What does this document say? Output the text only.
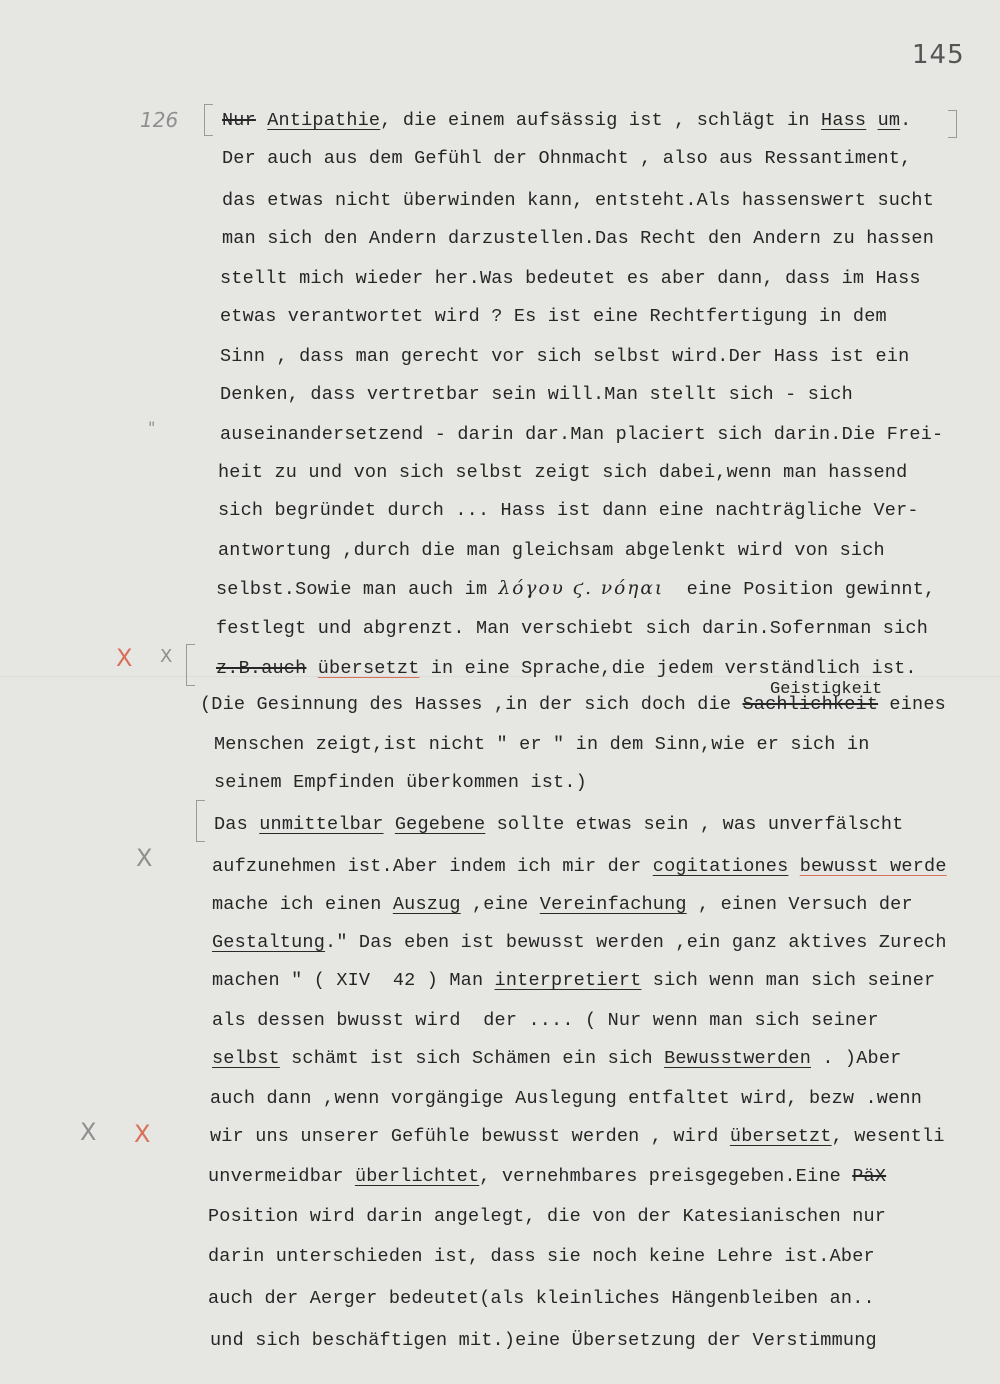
145
126
"
X X
X
X X
Geistigkeit
Nur Antipathie, die einem aufsässig ist , schlägt in Hass um.
Der auch aus dem Gefühl der Ohnmacht , also aus Ressantiment,
das etwas nicht überwinden kann, entsteht.Als hassenswert sucht
man sich den Andern darzustellen.Das Recht den Andern zu hassen
stellt mich wieder her.Was bedeutet es aber dann, dass im Hass
etwas verantwortet wird ? Es ist eine Rechtfertigung in dem
Sinn , dass man gerecht vor sich selbst wird.Der Hass ist ein
Denken, dass vertretbar sein will.Man stellt sich - sich
auseinandersetzend - darin dar.Man placiert sich darin.Die Frei-
heit zu und von sich selbst zeigt sich dabei,wenn man hassend
sich begründet durch ... Hass ist dann eine nachträgliche Ver-
antwortung ,durch die man gleichsam abgelenkt wird von sich
selbst.Sowie man auch im λόγου ϛ. νόηαι  eine Position gewinnt,
festlegt und abgrenzt. Man verschiebt sich darin.Sofernman sich
z.B.auch übersetzt in eine Sprache,die jedem verständlich ist.
(Die Gesinnung des Hasses ,in der sich doch die Sachlichkeit eines
Menschen zeigt,ist nicht " er " in dem Sinn,wie er sich in
seinem Empfinden überkommen ist.)
Das unmittelbar Gegebene sollte etwas sein , was unverfälscht
aufzunehmen ist.Aber indem ich mir der cogitationes bewusst werde
mache ich einen Auszug ,eine Vereinfachung , einen Versuch der
Gestaltung." Das eben ist bewusst werden ,ein ganz aktives Zurech
machen " ( XIV  42 ) Man interpretiert sich wenn man sich seiner
als dessen bwusst wird  der .... ( Nur wenn man sich seiner
selbst schämt ist sich Schämen ein sich Bewusstwerden . )Aber
auch dann ,wenn vorgängige Auslegung entfaltet wird, bezw .wenn
wir uns unserer Gefühle bewusst werden , wird übersetzt, wesentli
unvermeidbar überlichtet, vernehmbares preisgegeben.Eine PäX
Position wird darin angelegt, die von der Katesianischen nur
darin unterschieden ist, dass sie noch keine Lehre ist.Aber
auch der Aerger bedeutet(als kleinliches Hängenbleiben an..
und sich beschäftigen mit.)eine Übersetzung der Verstimmung
